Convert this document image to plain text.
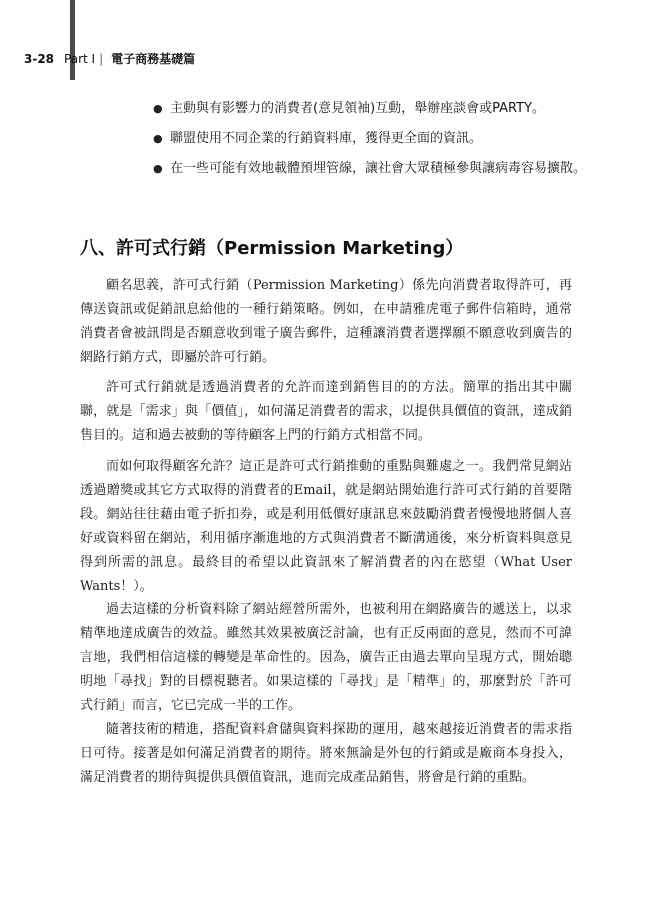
3-28 Part I | 電子商務基礎篇
● 主動與有影響力的消費者(意見領袖)互動，舉辦座談會或PARTY。
● 聯盟使用不同企業的行銷資料庫，獲得更全面的資訊。
● 在一些可能有效地載體預埋管線，讓社會大眾積極參與讓病毒容易擴散。
八、許可式行銷（Permission Marketing）

顧名思義，許可式行銷（Permission Marketing）係先向消費者取得許可，再傳送資訊或促銷訊息給他的一種行銷策略。例如，在申請雅虎電子郵件信箱時，通常消費者會被訊問是否願意收到電子廣告郵件，這種讓消費者選擇願不願意收到廣告的網路行銷方式，即屬於許可行銷。

許可式行銷就是透過消費者的允許而達到銷售目的的方法。簡單的指出其中關聯，就是「需求」與「價值」，如何滿足消費者的需求，以提供具價值的資訊，達成銷售目的。這和過去被動的等待顧客上門的行銷方式相當不同。

而如何取得顧客允許？這正是許可式行銷推動的重點與難處之一。我們常見網站透過贈獎或其它方式取得的消費者的Email，就是網站開始進行許可式行銷的首要階段。網站往往藉由電子折扣券，或是利用低價好康訊息來鼓勵消費者慢慢地將個人喜好或資料留在網站，利用循序漸進地的方式與消費者不斷溝通後，來分析資料與意見得到所需的訊息。最終目的希望以此資訊來了解消費者的內在慾望（What User Wants！）。

過去這樣的分析資料除了網站經營所需外，也被利用在網路廣告的遞送上，以求精準地達成廣告的效益。雖然其效果被廣泛討論，也有正反兩面的意見，然而不可諱言地，我們相信這樣的轉變是革命性的。因為，廣告正由過去單向呈現方式，開始聰明地「尋找」對的目標視聽者。如果這樣的「尋找」是「精準」的，那麼對於「許可式行銷」而言，它已完成一半的工作。

隨著技術的精進，搭配資料倉儲與資料探勘的運用，越來越接近消費者的需求指日可待。接著是如何滿足消費者的期待。將來無論是外包的行銷或是廠商本身投入，滿足消費者的期待與提供具價值資訊，進而完成產品銷售，將會是行銷的重點。
